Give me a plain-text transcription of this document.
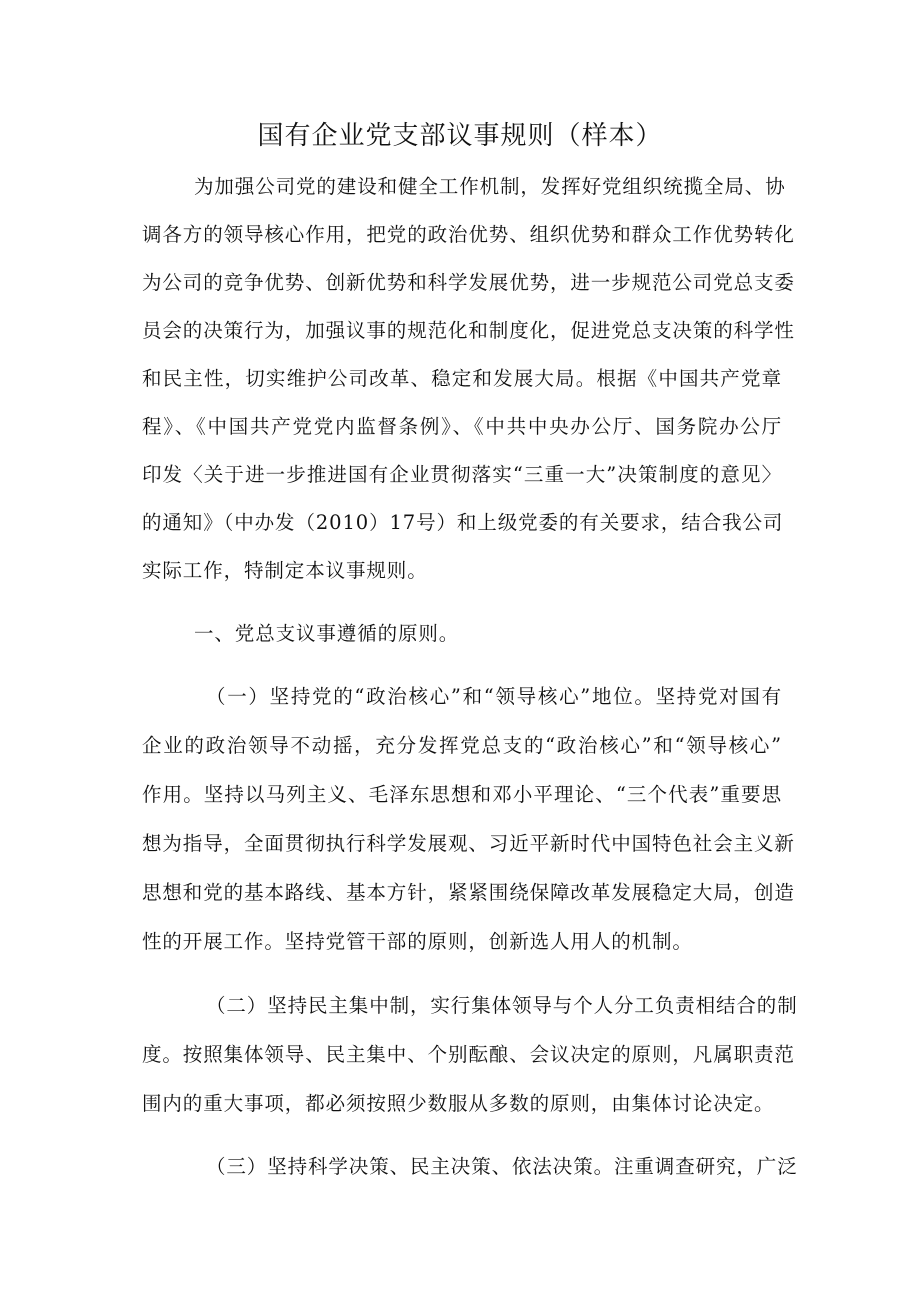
国有企业党支部议事规则（样本）
为加强公司党的建设和健全工作机制，发挥好党组织统揽全局、协
调各方的领导核心作用，把党的政治优势、组织优势和群众工作优势转化
为公司的竞争优势、创新优势和科学发展优势，进一步规范公司党总支委
员会的决策行为，加强议事的规范化和制度化，促进党总支决策的科学性
和民主性，切实维护公司改革、稳定和发展大局。根据《中国共产党章
程》、《中国共产党党内监督条例》、《中共中央办公厅、国务院办公厅
印发〈关于进一步推进国有企业贯彻落实“三重一大”决策制度的意见〉
的通知》（中办发（2010）17号）和上级党委的有关要求，结合我公司
实际工作，特制定本议事规则。
一、党总支议事遵循的原则。
（一）坚持党的“政治核心”和“领导核心”地位。坚持党对国有
企业的政治领导不动摇，充分发挥党总支的“政治核心”和“领导核心”
作用。坚持以马列主义、毛泽东思想和邓小平理论、“三个代表”重要思
想为指导，全面贯彻执行科学发展观、习近平新时代中国特色社会主义新
思想和党的基本路线、基本方针，紧紧围绕保障改革发展稳定大局，创造
性的开展工作。坚持党管干部的原则，创新选人用人的机制。
（二）坚持民主集中制，实行集体领导与个人分工负责相结合的制
度。按照集体领导、民主集中、个别酝酿、会议决定的原则，凡属职责范
围内的重大事项，都必须按照少数服从多数的原则，由集体讨论决定。
（三）坚持科学决策、民主决策、依法决策。注重调查研究，广泛
